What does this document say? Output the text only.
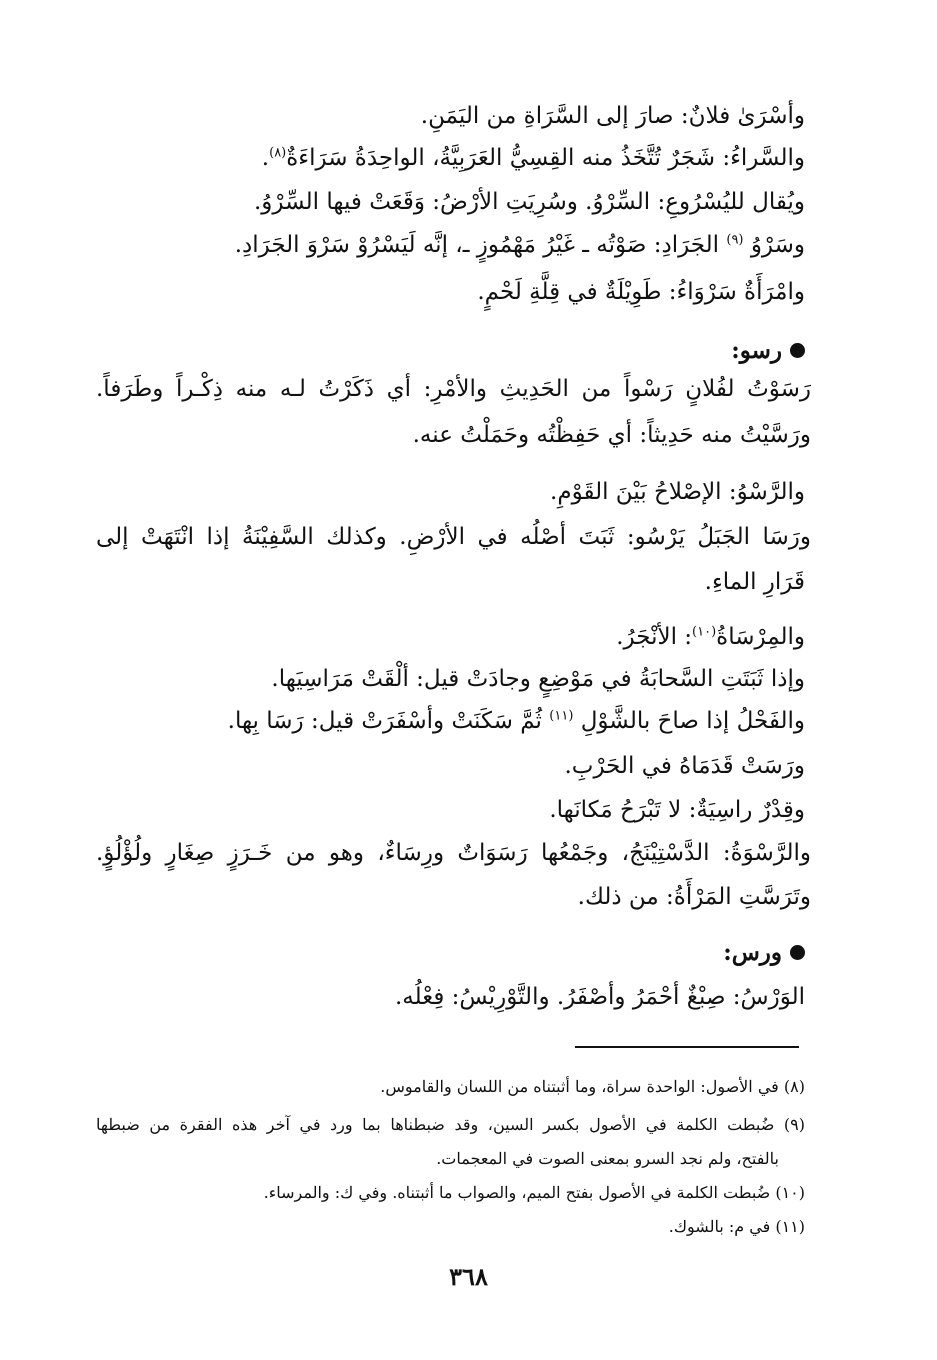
وأسْرَىٰ فلانٌ: صارَ إلى السَّرَاةِ من اليَمَنِ.
والسَّراءُ: شَجَرٌ تُتَّخَذُ منه القِسِيُّ العَرَبِيَّةُ، الواحِدَةُ سَرَاءَةٌ$^{(٨)}$.
ويُقال لليُسْرُوعِ: السِّرْوُ. وسُرِيَتِ الأرْضُ: وَقَعَتْ فيها السِّرْوُ.
وسَرْوُ $^{(٩)}$ الجَرَادِ: صَوْتُه ـ غَيْرُ مَهْمُوزٍ ـ، إنَّه لَيَسْرُوْ سَرْوَ الجَرَادِ.
وامْرَأَةٌ سَرْوَاءُ: طَوِيْلَةٌ في قِلَّةِ لَحْمٍ.
رسو:
رَسَوْتُ لفُلانٍ رَسْواً من الحَدِيثِ والأمْرِ: أي ذَكَرْتُ لـه منه ذِكْـراً وطَرَفاً.
ورَسَّيْتُ منه حَدِيثاً: أي حَفِظْتُه وحَمَلْتُ عنه.
والرَّسْوُ: الإصْلاحُ بَيْنَ القَوْمِ.
ورَسَا الجَبَلُ يَرْسُو: ثَبَتَ أصْلُه في الأرْضِ. وكذلك السَّفِيْنَةُ إذا انْتَهَتْ إلى
قَرَارِ الماءِ.
والمِرْسَاةُ$^{(١٠)}$: الأنْجَرُ.
وإذا ثَبَتَتِ السَّحابَةُ في مَوْضِعٍ وجادَتْ قيل: ألْقَتْ مَرَاسِيَها.
والفَحْلُ إذا صاحَ بالشَّوْلِ $^{(١١)}$ ثُمَّ سَكَنَتْ وأسْفَرَتْ قيل: رَسَا بِها.
ورَسَتْ قَدَمَاهُ في الحَرْبِ.
وقِدْرٌ راسِيَةٌ: لا تَبْرَحُ مَكانَها.
والرَّسْوَةُ: الدَّسْتِيْنَجُ، وجَمْعُها رَسَوَاتٌ ورِسَاءٌ، وهو من خَـرَزٍ صِغَارٍ ولُؤْلُؤٍ.
وتَرَسَّتِ المَرْأَةُ: من ذلك.
ورس:
الوَرْسُ: صِبْغٌ أحْمَرُ وأصْفَرُ. والتَّوْرِيْسُ: فِعْلُه.
(٨) في الأصول: الواحدة سراة، وما أثبتناه من اللسان والقاموس.
(٩) ضُبطت الكلمة في الأصول بكسر السين، وقد ضبطناها بما ورد في آخر هذه الفقرة من ضبطها
بالفتح، ولم نجد السرو بمعنى الصوت في المعجمات.
(١٠) ضُبطت الكلمة في الأصول بفتح الميم، والصواب ما أثبتناه. وفي ك: والمرساء.
(١١) في م: بالشوك.
٣٦٨
